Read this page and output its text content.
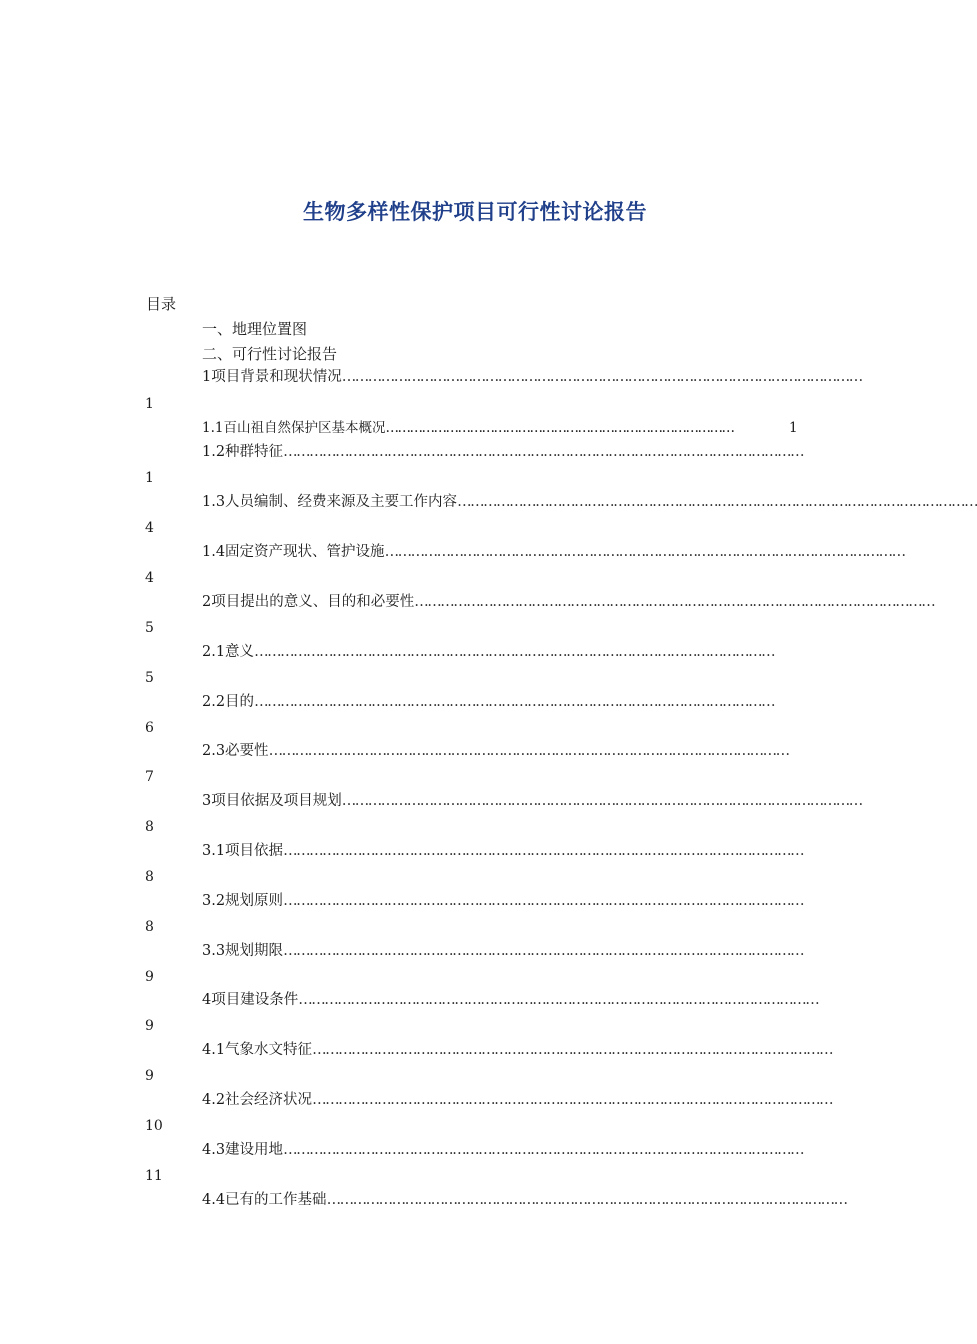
生物多样性保护项目可行性讨论报告
目录
一、地理位置图
二、可行性讨论报告
1项目背景和现状情况…………………………………………………………………………………………………………
1
1.1百山祖自然保护区基本概况……………………………………………………………………………	1
1.2种群特征…………………………………………………………………………………………………………
1
1.3人员编制、经费来源及主要工作内容…………………………………………………………………………………………………………
4
1.4固定资产现状、管护设施…………………………………………………………………………………………………………
4
2项目提出的意义、目的和必要性…………………………………………………………………………………………………………
5
2.1意义…………………………………………………………………………………………………………
5
2.2目的…………………………………………………………………………………………………………
6
2.3必要性…………………………………………………………………………………………………………
7
3项目依据及项目规划…………………………………………………………………………………………………………
8
3.1项目依据…………………………………………………………………………………………………………
8
3.2规划原则…………………………………………………………………………………………………………
8
3.3规划期限…………………………………………………………………………………………………………
9
4项目建设条件…………………………………………………………………………………………………………
9
4.1气象水文特征…………………………………………………………………………………………………………
9
4.2社会经济状况…………………………………………………………………………………………………………
10
4.3建设用地…………………………………………………………………………………………………………
11
4.4已有的工作基础…………………………………………………………………………………………………………
